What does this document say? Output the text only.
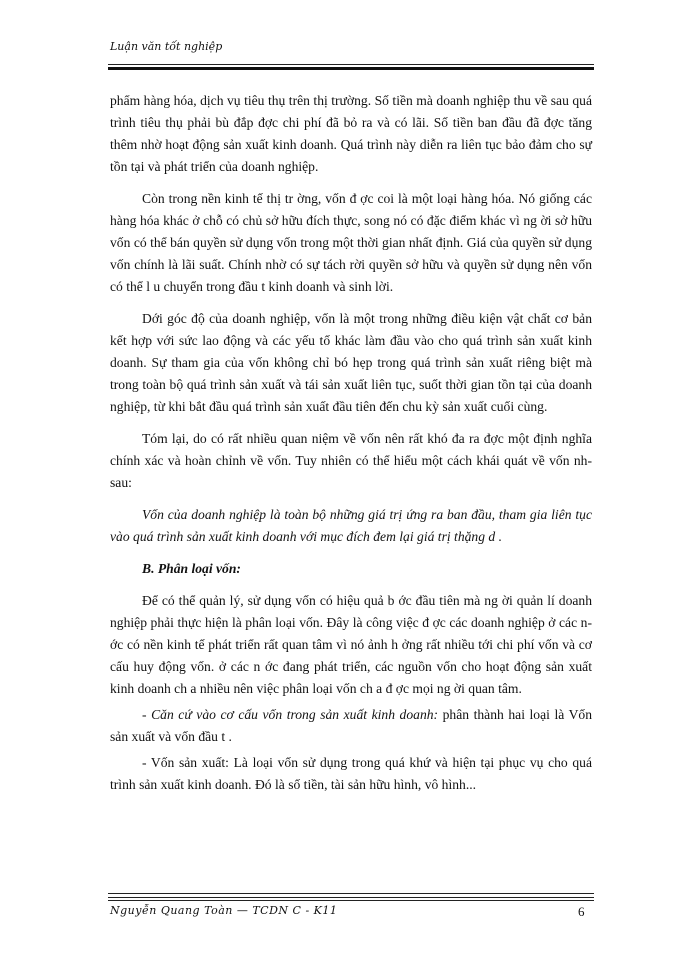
Luận văn tốt nghiệp

phẩm hàng hóa, dịch vụ tiêu thụ trên thị trường. Số tiền mà doanh nghiệp thu về sau quá trình tiêu thụ phải bù đắp đợc chi phí đã bỏ ra và có lãi. Số tiền ban đầu đã đợc tăng thêm nhờ hoạt động sản xuất kinh doanh. Quá trình này diễn ra liên tục bảo đảm cho sự tồn tại và phát triển của doanh nghiệp.

Còn trong nền kinh tế thị tr ờng, vốn đ ợc coi là một loại hàng hóa. Nó giống các hàng hóa khác ở chỗ có chủ sở hữu đích thực, song nó có đặc điểm khác vì ng ời sở hữu vốn có thể bán quyền sử dụng vốn trong một thời gian nhất định. Giá của quyền sử dụng vốn chính là lãi suất. Chính nhờ có sự tách rời quyền sở hữu và quyền sử dụng nên vốn có thể l u chuyển trong đầu t kinh doanh và sinh lời.

Dới góc độ của doanh nghiệp, vốn là một trong những điều kiện vật chất cơ bản kết hợp với sức lao động và các yếu tố khác làm đầu vào cho quá trình sản xuất kinh doanh. Sự tham gia của vốn không chỉ bó hẹp trong quá trình sản xuất riêng biệt mà trong toàn bộ quá trình sản xuất và tái sản xuất liên tục, suốt thời gian tồn tại của doanh nghiệp, từ khi bắt đầu quá trình sản xuất đầu tiên đến chu kỳ sản xuất cuối cùng.

Tóm lại, do có rất nhiều quan niệm về vốn nên rất khó đa ra đợc một định nghĩa chính xác và hoàn chỉnh về vốn. Tuy nhiên có thể hiểu một cách khái quát về vốn nh sau:

Vốn của doanh nghiệp là toàn bộ những giá trị ứng ra ban đầu, tham gia liên tục vào quá trình sản xuất kinh doanh với mục đích đem lại giá trị thặng d .

B. Phân loại vốn:

Để có thể quản lý, sử dụng vốn có hiệu quả b ớc đầu tiên mà ng ời quản lí doanh nghiệp phải thực hiện là phân loại vốn. Đây là công việc đ ợc các doanh nghiệp ở các n ớc có nền kinh tế phát triển rất quan tâm vì nó ảnh h ởng rất nhiều tới chi phí vốn và cơ cấu huy động vốn. ở các n ớc đang phát triển, các nguồn vốn cho hoạt động sản xuất kinh doanh ch a nhiều nên việc phân loại vốn ch a đ ợc mọi ng ời quan tâm.

- Căn cứ vào cơ cấu vốn trong sản xuất kinh doanh: phân thành hai loại là Vốn sản xuất và vốn đầu t .

- Vốn sản xuất: Là loại vốn sử dụng trong quá khứ và hiện tại phục vụ cho quá trình sản xuất kinh doanh. Đó là số tiền, tài sản hữu hình, vô hình...

Nguyễn Quang Toàn — TCDN C - K11	6
